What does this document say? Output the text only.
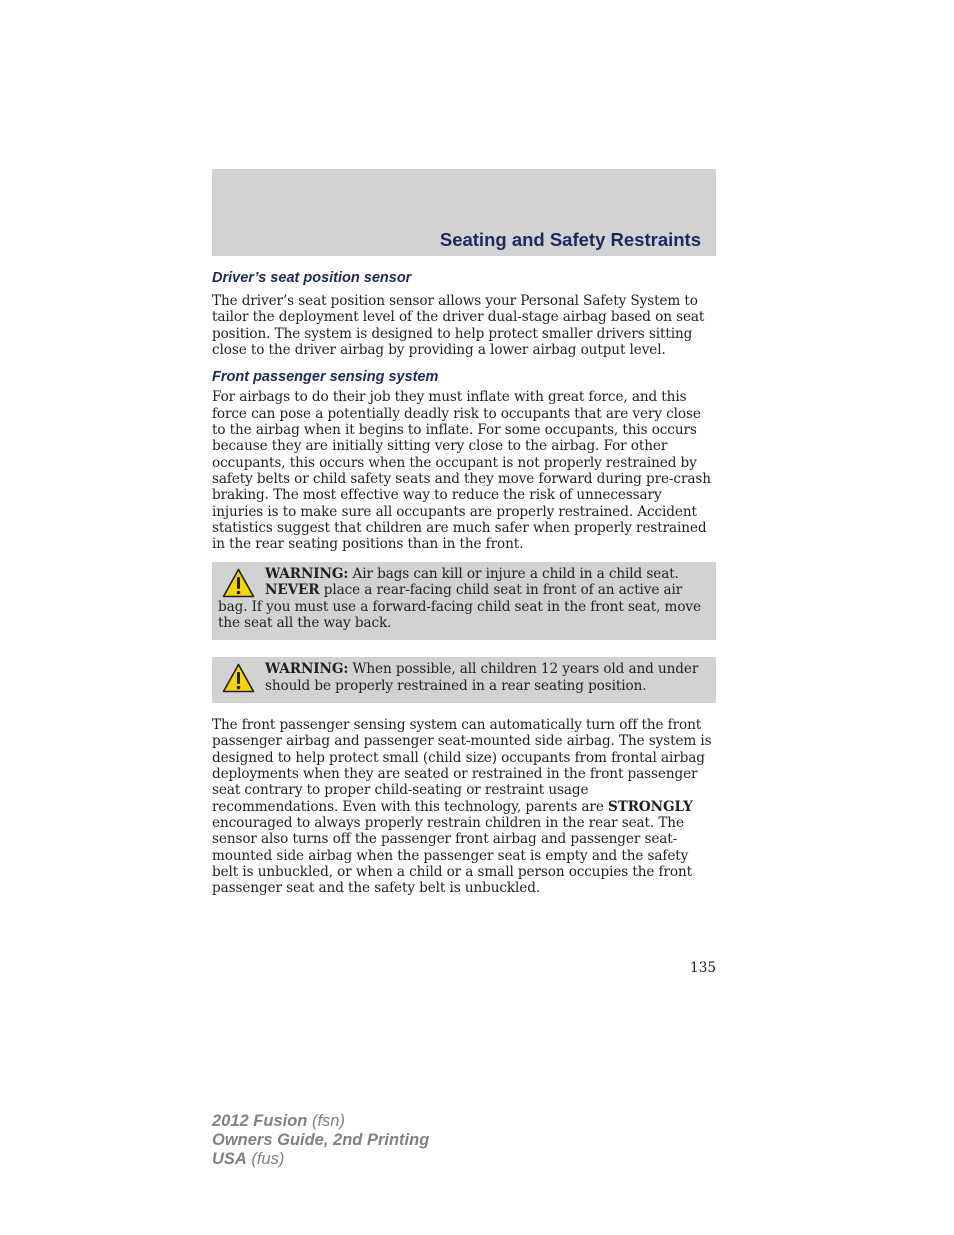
Seating and Safety Restraints
Driver’s seat position sensor

The driver’s seat position sensor allows your Personal Safety System to tailor the deployment level of the driver dual-stage airbag based on seat position. The system is designed to help protect smaller drivers sitting close to the driver airbag by providing a lower airbag output level.

Front passenger sensing system

For airbags to do their job they must inflate with great force, and this force can pose a potentially deadly risk to occupants that are very close to the airbag when it begins to inflate. For some occupants, this occurs because they are initially sitting very close to the airbag. For other occupants, this occurs when the occupant is not properly restrained by safety belts or child safety seats and they move forward during pre-crash braking. The most effective way to reduce the risk of unnecessary injuries is to make sure all occupants are properly restrained. Accident statistics suggest that children are much safer when properly restrained in the rear seating positions than in the front.

WARNING: Air bags can kill or injure a child in a child seat. NEVER place a rear-facing child seat in front of an active air bag. If you must use a forward-facing child seat in the front seat, move the seat all the way back.
WARNING: When possible, all children 12 years old and under should be properly restrained in a rear seating position.

The front passenger sensing system can automatically turn off the front passenger airbag and passenger seat-mounted side airbag. The system is designed to help protect small (child size) occupants from frontal airbag deployments when they are seated or restrained in the front passenger seat contrary to proper child-seating or restraint usage recommendations. Even with this technology, parents are STRONGLY encouraged to always properly restrain children in the rear seat. The sensor also turns off the passenger front airbag and passenger seat-mounted side airbag when the passenger seat is empty and the safety belt is unbuckled, or when a child or a small person occupies the front passenger seat and the safety belt is unbuckled.

135
2012 Fusion (fsn)
Owners Guide, 2nd Printing
USA (fus)
